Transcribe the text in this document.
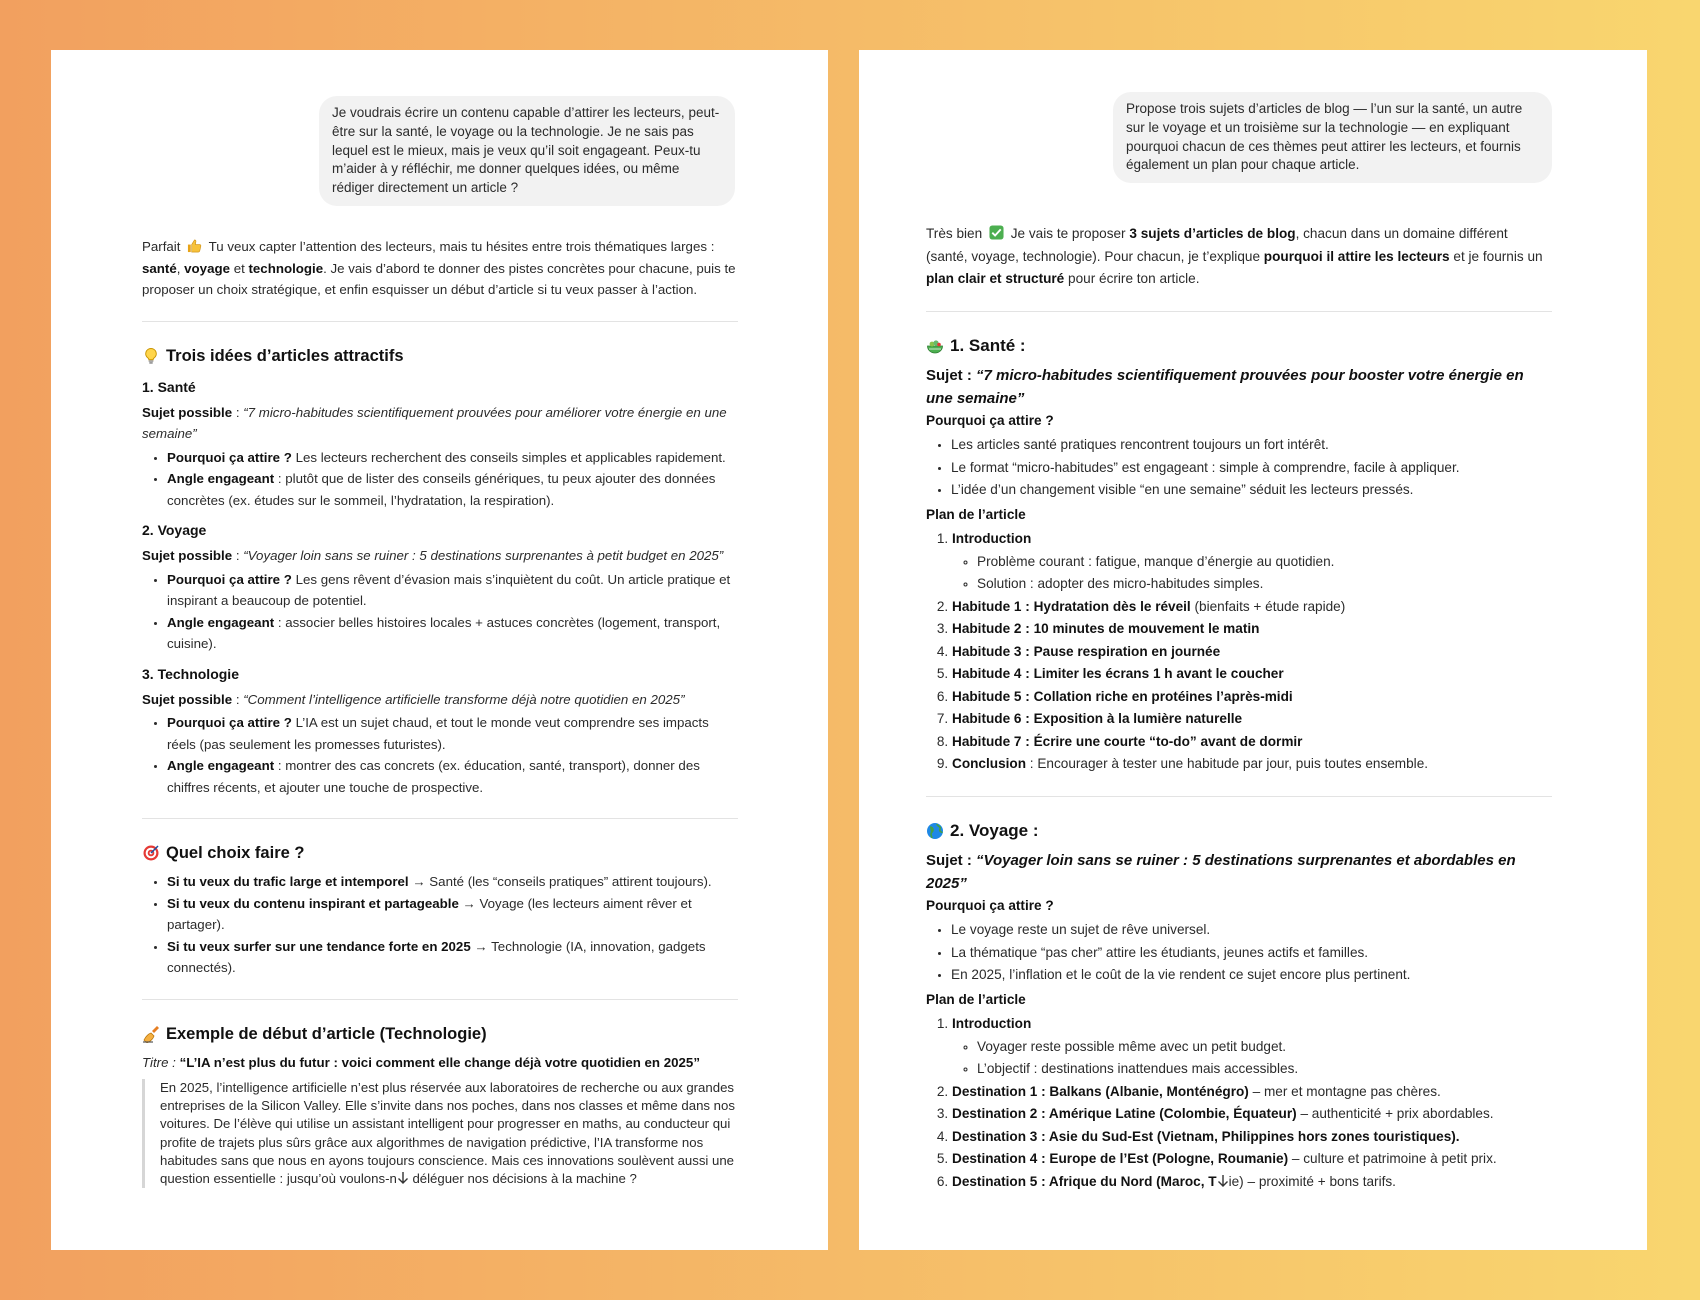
Je voudrais écrire un contenu capable d’attirer les lecteurs, peut-être sur la santé, le voyage ou la technologie. Je ne sais pas lequel est le mieux, mais je veux qu’il soit engageant. Peux-tu m’aider à y réfléchir, me donner quelques idées, ou même rédiger directement un article ?

Parfait Tu veux capter l’attention des lecteurs, mais tu hésites entre trois thématiques larges : santé, voyage et technologie. Je vais d’abord te donner des pistes concrètes pour chacune, puis te proposer un choix stratégique, et enfin esquisser un début d’article si tu veux passer à l’action.

Trois idées d’articles attractifs
1. Santé

Sujet possible : “7 micro-habitudes scientifiquement prouvées pour améliorer votre énergie en une semaine”

• Pourquoi ça attire ? Les lecteurs recherchent des conseils simples et applicables rapidement.
• Angle engageant : plutôt que de lister des conseils génériques, tu peux ajouter des données concrètes (ex. études sur le sommeil, l’hydratation, la respiration).
2. Voyage

Sujet possible : “Voyager loin sans se ruiner : 5 destinations surprenantes à petit budget en 2025”

• Pourquoi ça attire ? Les gens rêvent d’évasion mais s’inquiètent du coût. Un article pratique et inspirant a beaucoup de potentiel.
• Angle engageant : associer belles histoires locales + astuces concrètes (logement, transport, cuisine).
3. Technologie

Sujet possible : “Comment l’intelligence artificielle transforme déjà notre quotidien en 2025”

• Pourquoi ça attire ? L’IA est un sujet chaud, et tout le monde veut comprendre ses impacts réels (pas seulement les promesses futuristes).
• Angle engageant : montrer des cas concrets (ex. éducation, santé, transport), donner des chiffres récents, et ajouter une touche de prospective.
Quel choix faire ?
• Si tu veux du trafic large et intemporel → Santé (les “conseils pratiques” attirent toujours).
• Si tu veux du contenu inspirant et partageable → Voyage (les lecteurs aiment rêver et partager).
• Si tu veux surfer sur une tendance forte en 2025 → Technologie (IA, innovation, gadgets connectés).
Exemple de début d’article (Technologie)

Titre : “L’IA n’est plus du futur : voici comment elle change déjà votre quotidien en 2025”

En 2025, l’intelligence artificielle n’est plus réservée aux laboratoires de recherche ou aux grandes entreprises de la Silicon Valley. Elle s’invite dans nos poches, dans nos classes et même dans nos voitures. De l’élève qui utilise un assistant intelligent pour progresser en maths, au conducteur qui profite de trajets plus sûrs grâce aux algorithmes de navigation prédictive, l’IA transforme nos habitudes sans que nous en ayons toujours conscience. Mais ces innovations soulèvent aussi une question essentielle : jusqu’où voulons-n déléguer nos décisions à la machine ?
Propose trois sujets d’articles de blog — l’un sur la santé, un autre sur le voyage et un troisième sur la technologie — en expliquant pourquoi chacun de ces thèmes peut attirer les lecteurs, et fournis également un plan pour chaque article.

Très bien Je vais te proposer 3 sujets d’articles de blog, chacun dans un domaine différent (santé, voyage, technologie). Pour chacun, je t’explique pourquoi il attire les lecteurs et je fournis un plan clair et structuré pour écrire ton article.

1. Santé :

Sujet : “7 micro-habitudes scientifiquement prouvées pour booster votre énergie en une semaine”

Pourquoi ça attire ?

• Les articles santé pratiques rencontrent toujours un fort intérêt.
• Le format “micro-habitudes” est engageant : simple à comprendre, facile à appliquer.
• L’idée d’un changement visible “en une semaine” séduit les lecteurs pressés.

Plan de l’article

1. Introduction
◦ Problème courant : fatigue, manque d’énergie au quotidien.
◦ Solution : adopter des micro-habitudes simples.
2. Habitude 1 : Hydratation dès le réveil (bienfaits + étude rapide)
3. Habitude 2 : 10 minutes de mouvement le matin
4. Habitude 3 : Pause respiration en journée
5. Habitude 4 : Limiter les écrans 1 h avant le coucher
6. Habitude 5 : Collation riche en protéines l’après-midi
7. Habitude 6 : Exposition à la lumière naturelle
8. Habitude 7 : Écrire une courte “to-do” avant de dormir
9. Conclusion : Encourager à tester une habitude par jour, puis toutes ensemble.
2. Voyage :

Sujet : “Voyager loin sans se ruiner : 5 destinations surprenantes et abordables en 2025”

Pourquoi ça attire ?

• Le voyage reste un sujet de rêve universel.
• La thématique “pas cher” attire les étudiants, jeunes actifs et familles.
• En 2025, l’inflation et le coût de la vie rendent ce sujet encore plus pertinent.

Plan de l’article

1. Introduction
◦ Voyager reste possible même avec un petit budget.
◦ L’objectif : destinations inattendues mais accessibles.
2. Destination 1 : Balkans (Albanie, Monténégro) – mer et montagne pas chères.
3. Destination 2 : Amérique Latine (Colombie, Équateur) – authenticité + prix abordables.
4. Destination 3 : Asie du Sud-Est (Vietnam, Philippines hors zones touristiques).
5. Destination 4 : Europe de l’Est (Pologne, Roumanie) – culture et patrimoine à petit prix.
6. Destination 5 : Afrique du Nord (Maroc, T ie) – proximité + bons tarifs.
